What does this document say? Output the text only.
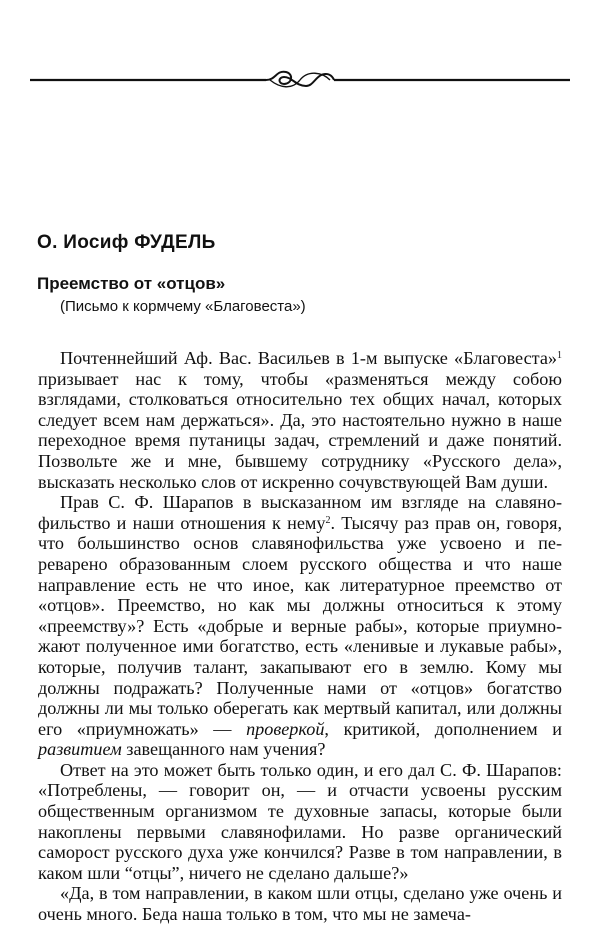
О. Иосиф ФУДЕЛЬ
Преемство от «отцов»

(Письмо к кормчему «Благовеста»)

Почтеннейший Аф. Вас. Васильев в 1-м выпуске «Благовеста»$^1$ призывает нас к тому, чтобы «разменяться между собою взглядами, столковаться относительно тех общих начал, которых следует всем нам держаться». Да, это настоятельно нужно в наше переходное время путаницы задач, стремлений и даже понятий. Позвольте же и мне, бывшему сотруднику «Русского дела», высказать несколько слов от искренно сочувствующей Вам души.

Прав С. Ф. Шарапов в высказанном им взгляде на славянофильство и наши отношения к нему$^2$. Тысячу раз прав он, говоря, что большинство основ славянофильства уже усвоено и переварено образованным слоем русского общества и что наше направление есть не что иное, как литературное преемство от «отцов». Преемство, но как мы должны относиться к этому «преемству»? Есть «добрые и верные рабы», которые приумножают полученное ими богатство, есть «ленивые и лукавые рабы», которые, получив талант, закапывают его в землю. Кому мы должны подражать? Полученные нами от «отцов» богатство должны ли мы только оберегать как мертвый капитал, или должны его «приумножать» — проверкой, критикой, дополнением и развитием завещанного нам учения?

Ответ на это может быть только один, и его дал С. Ф. Шарапов: «Потреблены, — говорит он, — и отчасти усвоены русским общественным организмом те духовные запасы, которые были накоплены первыми славянофилами. Но разве органический самоpост русского духа уже кончился? Разве в том направлении, в каком шли “отцы”, ничего не сделано дальше?»

«Да, в том направлении, в каком шли отцы, сделано уже очень и очень много. Беда наша только в том, что мы не замеча-
